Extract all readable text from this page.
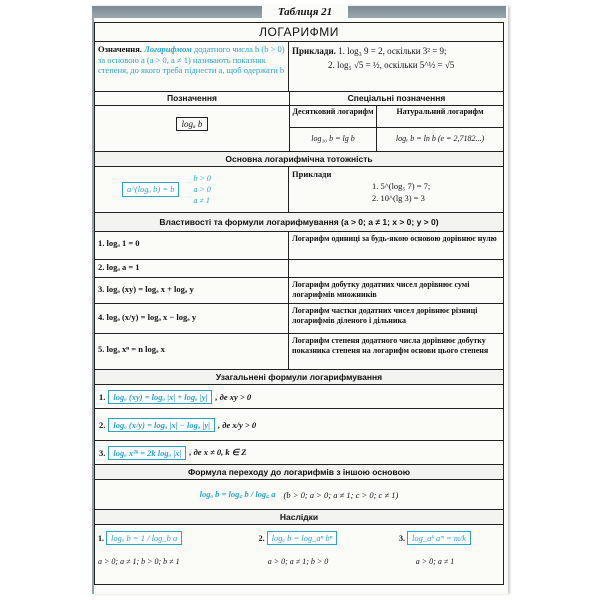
Таблиця 21
ЛОГАРИФМИ
Означення. Логарифмом додатного числа b (b > 0) за основою a (a > 0, a ≠ 1) називають показник степеня, до якого треба піднести a, щоб одержати b
Приклади. 1. log₃ 9 = 2, оскільки 3² = 9;
2. log₅ √5 = ½, оскільки 5^½ = √5
Позначення
logₐ b
Спеціальні позначення
Десятковий логарифм
log₁₀ b = lg b
Натуральний логарифм
logₑ b = ln b (e = 2,7182...)
Основна логарифмічна тотожність
a^(logₐ b) = b
b > 0
a > 0
a ≠ 1
Приклади
1. 5^(log₅ 7) = 7;
2. 10^(lg 3) = 3
Властивості та формули логарифмування (a > 0; a ≠ 1; x > 0; y > 0)
1. logₐ 1 = 0	Логарифм одиниці за будь-якою основою дорівнює нулю
2. logₐ a = 1
3. logₐ (xy) = logₐ x + logₐ y	Логарифм добутку додатних чисел дорівнює сумі логарифмів множників
4. logₐ (x/y) = logₐ x − logₐ y
Логарифм частки додатних чисел дорівнює різниці логарифмів діленого і дільника
5. logₐ xⁿ = n logₐ x
Логарифм степеня додатного числа дорівнює добутку показника степеня на логарифм основи цього степеня
Узагальнені формули логарифмування
1. logₐ (xy) = logₐ |x| + logₐ |y| , де xy > 0
2. logₐ (x/y) = logₐ |x| − logₐ |y| , де x/y > 0
3. logₐ x²ᵏ = 2k logₐ |x| , де x ≠ 0, k ∈ Z
Формула переходу до логарифмів з іншою основою
logₐ b = log꜀ b / log꜀ a (b > 0; a > 0; a ≠ 1; c > 0; c ≠ 1)
Наслідки
1. logₐ b = 1 / log_b a
a > 0; a ≠ 1; b > 0; b ≠ 1
2. logₐ b = log_aⁿ bⁿ
a > 0; a ≠ 1; b > 0
3. log_aᵏ aᵐ = m/k
a > 0; a ≠ 1
